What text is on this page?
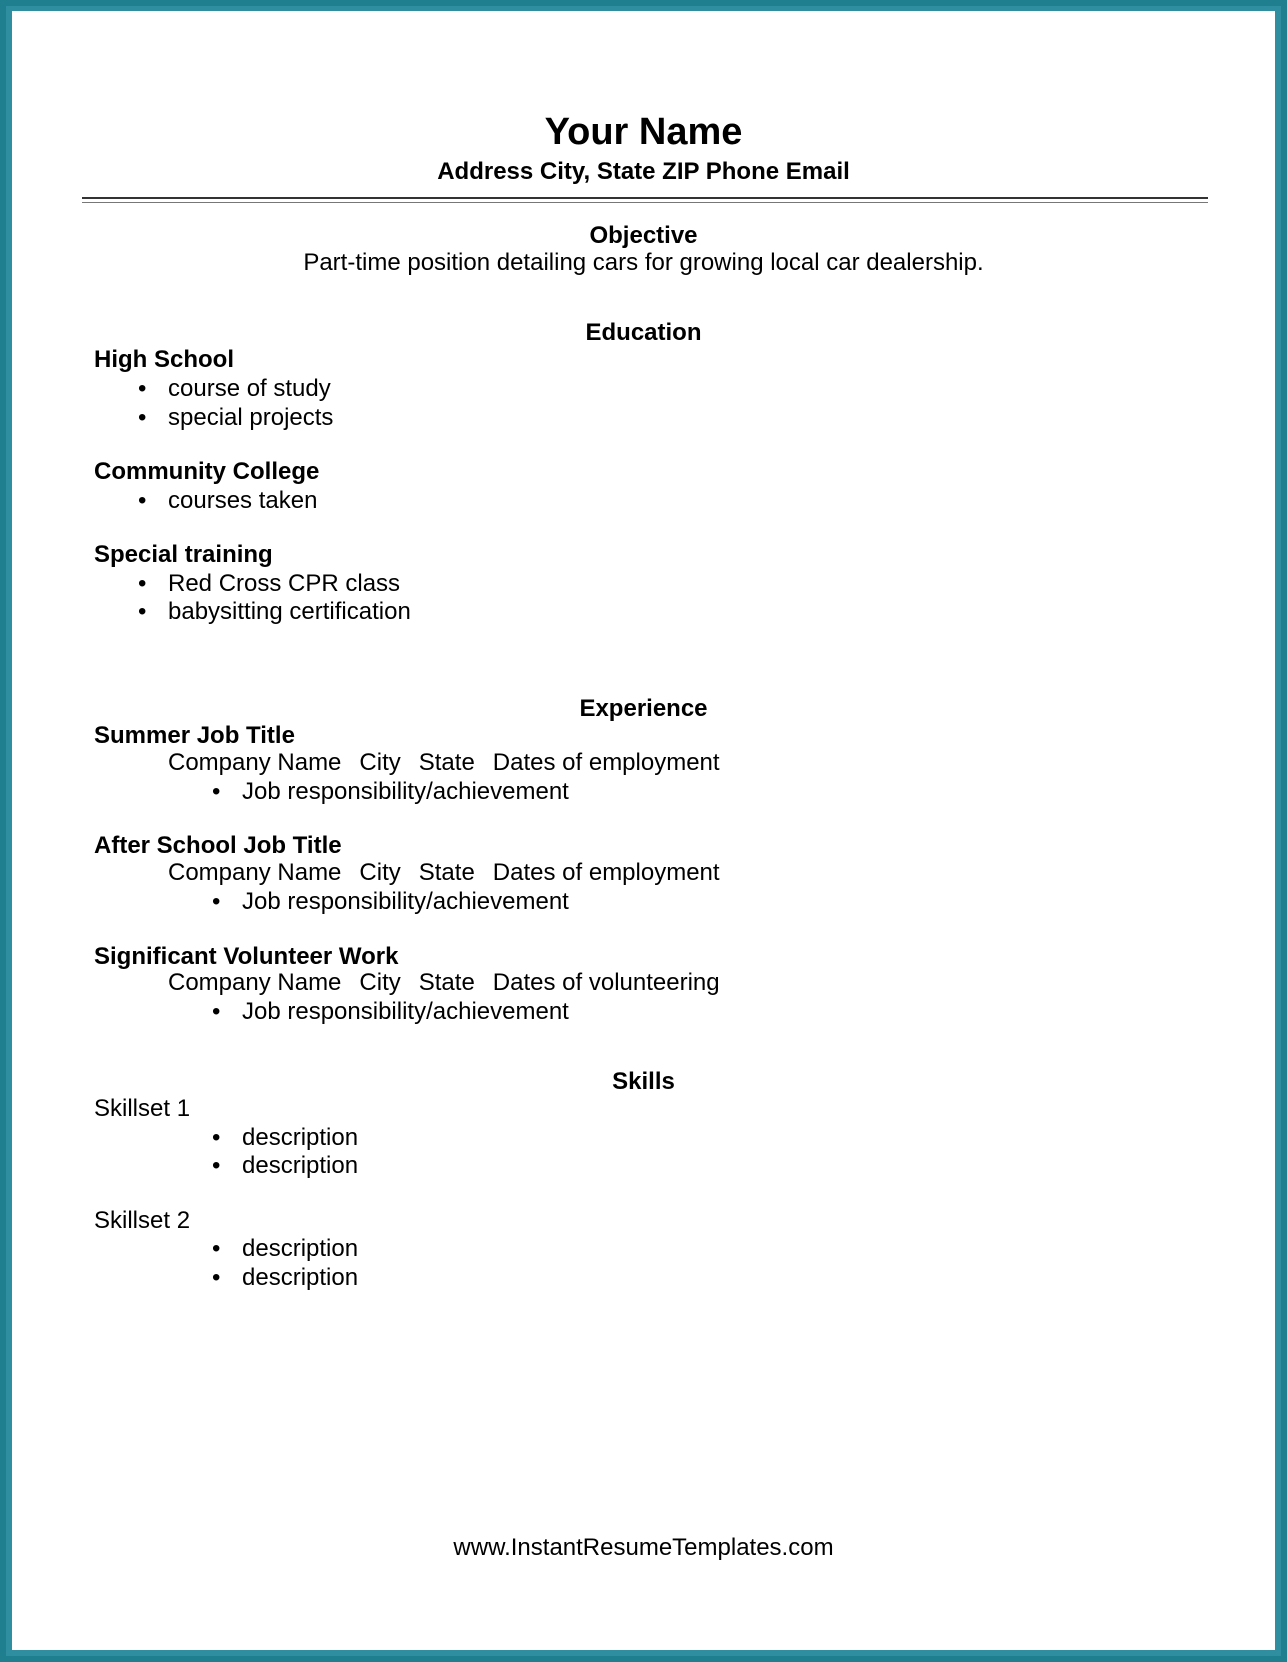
Your Name
Address City, State ZIP Phone Email
Objective
Part-time position detailing cars for growing local car dealership.
Education
High School
• course of study
• special projects
Community College
• courses taken
Special training
• Red Cross CPR class
• babysitting certification
Experience
Summer Job Title
Company Name City State Dates of employment
• Job responsibility/achievement
After School Job Title
Company Name City State Dates of employment
• Job responsibility/achievement
Significant Volunteer Work
Company Name City State Dates of volunteering
• Job responsibility/achievement
Skills
Skillset 1
• description
• description
Skillset 2
• description
• description
www.InstantResumeTemplates.com
